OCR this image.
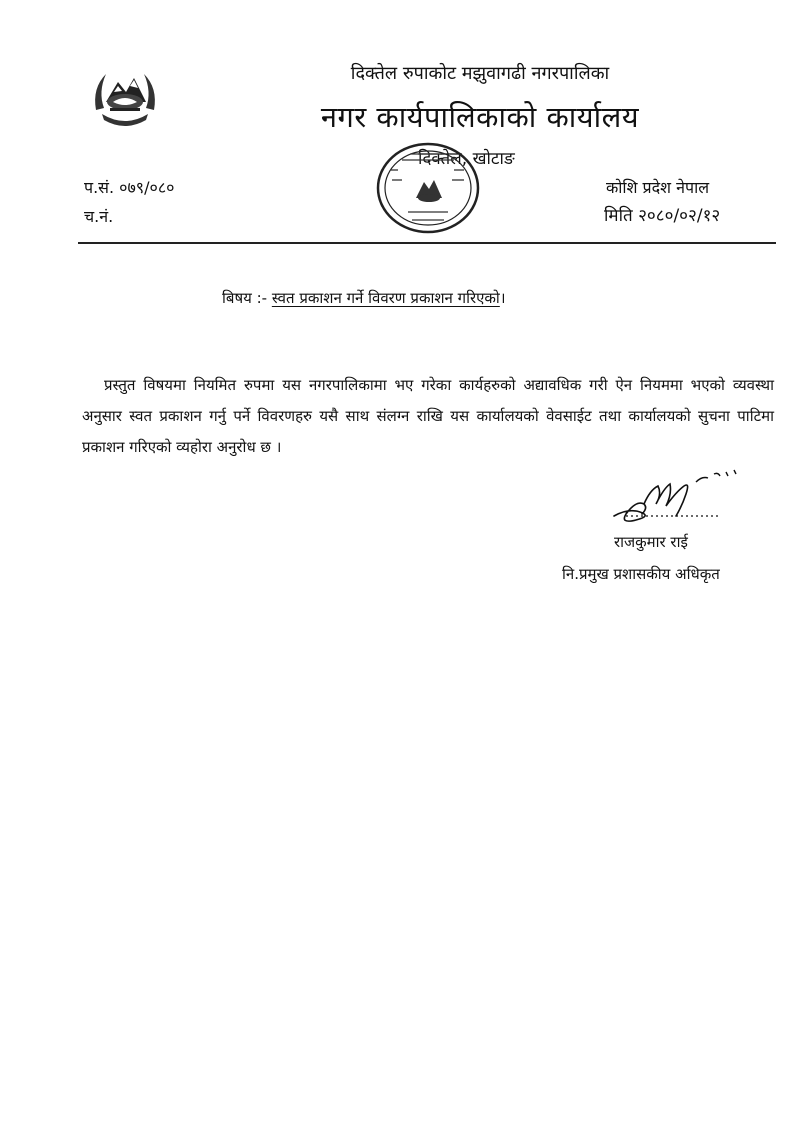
दिक्तेल रुपाकोट मझुवागढी नगरपालिका
नगर कार्यपालिकाको कार्यालय
दिक्तेल, खोटाङ
प.सं. ०७९/०८०
च.नं.
कोशि प्रदेश नेपाल
मिति २०८०/०२/१२
बिषय :- स्वत प्रकाशन गर्ने विवरण प्रकाशन गरिएको।
प्रस्तुत विषयमा नियमित रुपमा यस नगरपालिकामा भए गरेका कार्यहरुको अद्यावधिक गरी ऐन नियममा भएको व्यवस्था अनुसार स्वत प्रकाशन गर्नु पर्ने विवरणहरु यसै साथ संलग्न राखि यस कार्यालयको वेवसाईट तथा कार्यालयको सुचना पाटिमा प्रकाशन गरिएको व्यहोरा अनुरोध छ ।
राजकुमार राई
नि.प्रमुख प्रशासकीय अधिकृत
